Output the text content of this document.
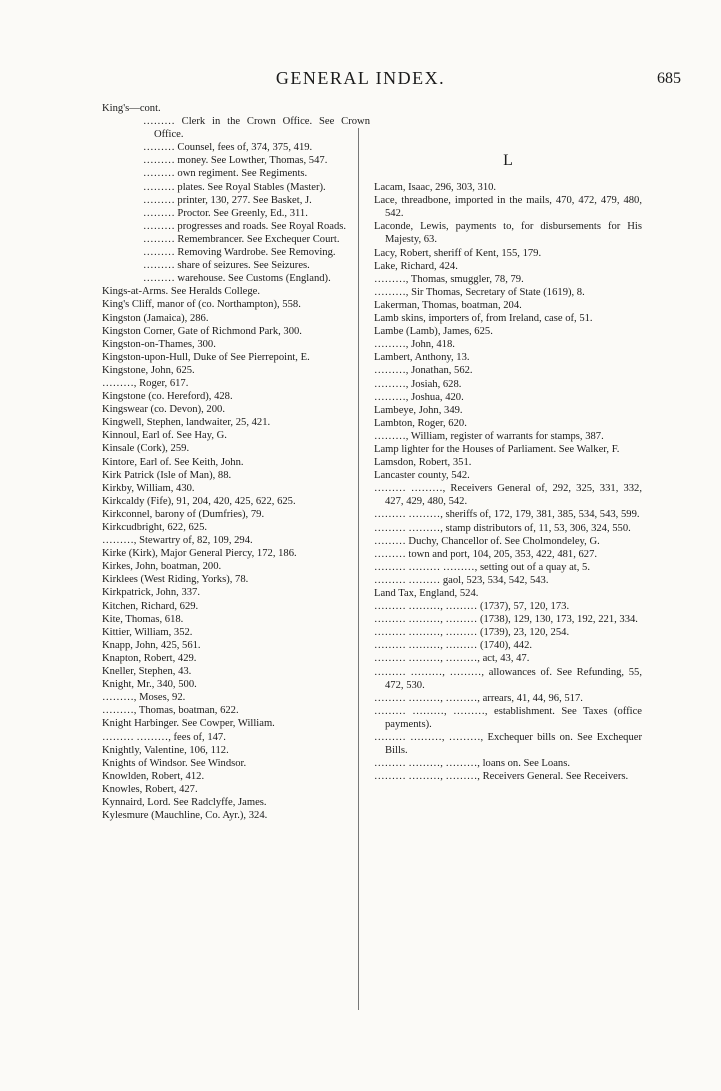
GENERAL INDEX.	685
King's—cont.
……… Clerk in the Crown Office. See Crown Office.
……… Counsel, fees of, 374, 375, 419.
……… money. See Lowther, Thomas, 547.
……… own regiment. See Regiments.
……… plates. See Royal Stables (Master).
……… printer, 130, 277. See Basket, J.
……… Proctor. See Greenly, Ed., 311.
……… progresses and roads. See Royal Roads.
……… Remembrancer. See Exchequer Court.
……… Removing Wardrobe. See Removing.
……… share of seizures. See Seizures.
……… warehouse. See Customs (England).
Kings-at-Arms. See Heralds College.
King's Cliff, manor of (co. Northampton), 558.
Kingston (Jamaica), 286.
Kingston Corner, Gate of Richmond Park, 300.
Kingston-on-Thames, 300.
Kingston-upon-Hull, Duke of See Pierrepoint, E.
Kingstone, John, 625.
………, Roger, 617.
Kingstone (co. Hereford), 428.
Kingswear (co. Devon), 200.
Kingwell, Stephen, landwaiter, 25, 421.
Kinnoul, Earl of. See Hay, G.
Kinsale (Cork), 259.
Kintore, Earl of. See Keith, John.
Kirk Patrick (Isle of Man), 88.
Kirkby, William, 430.
Kirkcaldy (Fife), 91, 204, 420, 425, 622, 625.
Kirkconnel, barony of (Dumfries), 79.
Kirkcudbright, 622, 625.
………, Stewartry of, 82, 109, 294.
Kirke (Kirk), Major General Piercy, 172, 186.
Kirkes, John, boatman, 200.
Kirklees (West Riding, Yorks), 78.
Kirkpatrick, John, 337.
Kitchen, Richard, 629.
Kite, Thomas, 618.
Kittier, William, 352.
Knapp, John, 425, 561.
Knapton, Robert, 429.
Kneller, Stephen, 43.
Knight, Mr., 340, 500.
………, Moses, 92.
………, Thomas, boatman, 622.
Knight Harbinger. See Cowper, William.
……… ………, fees of, 147.
Knightly, Valentine, 106, 112.
Knights of Windsor. See Windsor.
Knowlden, Robert, 412.
Knowles, Robert, 427.
Kynnaird, Lord. See Radclyffe, James.
Kylesmure (Mauchline, Co. Ayr.), 324.
L
Lacam, Isaac, 296, 303, 310.
Lace, threadbone, imported in the mails, 470, 472, 479, 480, 542.
Laconde, Lewis, payments to, for disbursements for His Majesty, 63.
Lacy, Robert, sheriff of Kent, 155, 179.
Lake, Richard, 424.
………, Thomas, smuggler, 78, 79.
………, Sir Thomas, Secretary of State (1619), 8.
Lakerman, Thomas, boatman, 204.
Lamb skins, importers of, from Ireland, case of, 51.
Lambe (Lamb), James, 625.
………, John, 418.
Lambert, Anthony, 13.
………, Jonathan, 562.
………, Josiah, 628.
………, Joshua, 420.
Lambeye, John, 349.
Lambton, Roger, 620.
………, William, register of warrants for stamps, 387.
Lamp lighter for the Houses of Parliament. See Walker, F.
Lamsdon, Robert, 351.
Lancaster county, 542.
……… ………, Receivers General of, 292, 325, 331, 332, 427, 429, 480, 542.
……… ………, sheriffs of, 172, 179, 381, 385, 534, 543, 599.
……… ………, stamp distributors of, 11, 53, 306, 324, 550.
……… Duchy, Chancellor of. See Cholmondeley, G.
……… town and port, 104, 205, 353, 422, 481, 627.
……… ……… ………, setting out of a quay at, 5.
……… ……… gaol, 523, 534, 542, 543.
Land Tax, England, 524.
……… ………, ……… (1737), 57, 120, 173.
……… ………, ……… (1738), 129, 130, 173, 192, 221, 334.
……… ………, ……… (1739), 23, 120, 254.
……… ………, ……… (1740), 442.
……… ………, ………, act, 43, 47.
……… ………, ………, allowances of. See Refunding, 55, 472, 530.
……… ………, ………, arrears, 41, 44, 96, 517.
……… ………, ………, establishment. See Taxes (office payments).
……… ………, ………, Exchequer bills on. See Exchequer Bills.
……… ………, ………, loans on. See Loans.
……… ………, ………, Receivers General. See Receivers.
